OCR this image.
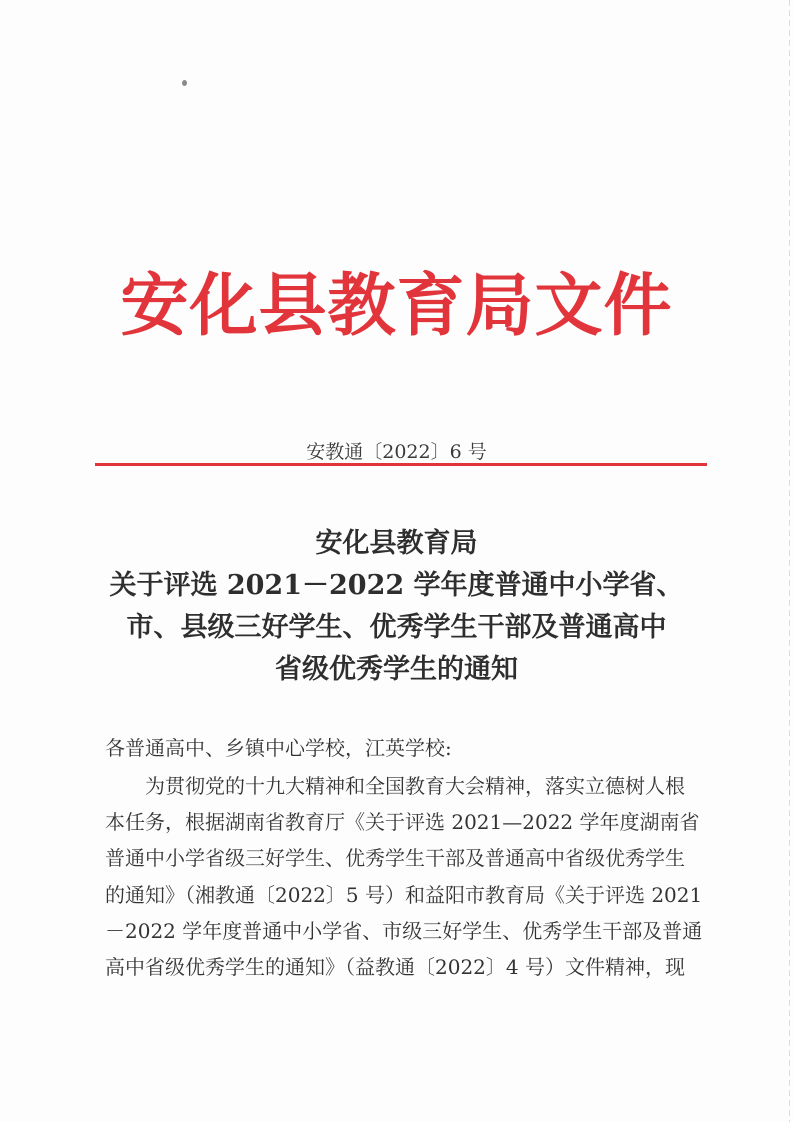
安化县教育局文件
安教通〔2022〕6 号
安化县教育局
关于评选 2021－2022 学年度普通中小学省、
市、县级三好学生、优秀学生干部及普通高中
省级优秀学生的通知
各普通高中、乡镇中心学校，江英学校:
为贯彻党的十九大精神和全国教育大会精神，落实立德树人根
本任务，根据湖南省教育厅《关于评选 2021—2022 学年度湖南省
普通中小学省级三好学生、优秀学生干部及普通高中省级优秀学生
的通知》（湘教通〔2022〕5 号）和益阳市教育局《关于评选 2021
－2022 学年度普通中小学省、市级三好学生、优秀学生干部及普通
高中省级优秀学生的通知》（益教通〔2022〕4 号）文件精神，现
